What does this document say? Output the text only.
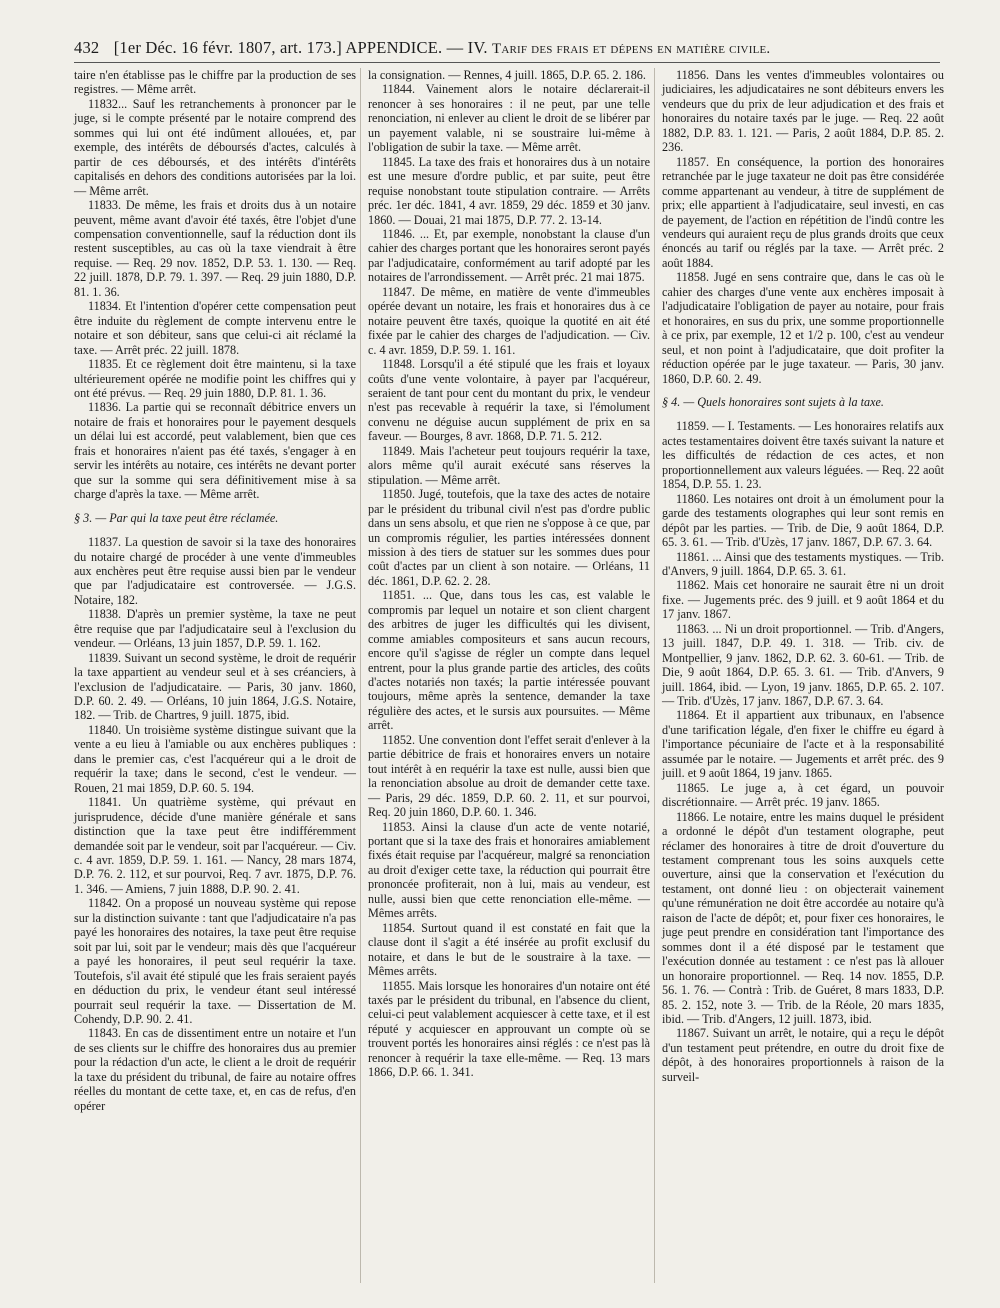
432 [1er Déc. 16 févr. 1807, art. 173.] APPENDICE. — IV. Tarif des frais et dépens en matière civile.

taire n'en établisse pas le chiffre par la production de ses registres. — Même arrêt.

11832... Sauf les retranchements à prononcer par le juge, si le compte présenté par le notaire comprend des sommes qui lui ont été indûment allouées, et, par exemple, des intérêts de déboursés d'actes, calculés à partir de ces déboursés, et des intérêts d'intérêts capitalisés en dehors des conditions autorisées par la loi. — Même arrêt.

11833. De même, les frais et droits dus à un notaire peuvent, même avant d'avoir été taxés, être l'objet d'une compensation conventionnelle, sauf la réduction dont ils restent susceptibles, au cas où la taxe viendrait à être requise. — Req. 29 nov. 1852, D.P. 53. 1. 130. — Req. 22 juill. 1878, D.P. 79. 1. 397. — Req. 29 juin 1880, D.P. 81. 1. 36.

11834. Et l'intention d'opérer cette compensation peut être induite du règlement de compte intervenu entre le notaire et son débiteur, sans que celui-ci ait réclamé la taxe. — Arrêt préc. 22 juill. 1878.

11835. Et ce règlement doit être maintenu, si la taxe ultérieurement opérée ne modifie point les chiffres qui y ont été prévus. — Req. 29 juin 1880, D.P. 81. 1. 36.

11836. La partie qui se reconnaît débitrice envers un notaire de frais et honoraires pour le payement desquels un délai lui est accordé, peut valablement, bien que ces frais et honoraires n'aient pas été taxés, s'engager à en servir les intérêts au notaire, ces intérêts ne devant porter que sur la somme qui sera définitivement mise à sa charge d'après la taxe. — Même arrêt.

§ 3. — Par qui la taxe peut être réclamée.

11837. La question de savoir si la taxe des honoraires du notaire chargé de procéder à une vente d'immeubles aux enchères peut être requise aussi bien par le vendeur que par l'adjudicataire est controversée. — J.G.S. Notaire, 182.

11838. D'après un premier système, la taxe ne peut être requise que par l'adjudicataire seul à l'exclusion du vendeur. — Orléans, 13 juin 1857, D.P. 59. 1. 162.

11839. Suivant un second système, le droit de requérir la taxe appartient au vendeur seul et à ses créanciers, à l'exclusion de l'adjudicataire. — Paris, 30 janv. 1860, D.P. 60. 2. 49. — Orléans, 10 juin 1864, J.G.S. Notaire, 182. — Trib. de Chartres, 9 juill. 1875, ibid.

11840. Un troisième système distingue suivant que la vente a eu lieu à l'amiable ou aux enchères publiques : dans le premier cas, c'est l'acquéreur qui a le droit de requérir la taxe; dans le second, c'est le vendeur. — Rouen, 21 mai 1859, D.P. 60. 5. 194.

11841. Un quatrième système, qui prévaut en jurisprudence, décide d'une manière générale et sans distinction que la taxe peut être indifféremment demandée soit par le vendeur, soit par l'acquéreur. — Civ. c. 4 avr. 1859, D.P. 59. 1. 161. — Nancy, 28 mars 1874, D.P. 76. 2. 112, et sur pourvoi, Req. 7 avr. 1875, D.P. 76. 1. 346. — Amiens, 7 juin 1888, D.P. 90. 2. 41.

11842. On a proposé un nouveau système qui repose sur la distinction suivante : tant que l'adjudicataire n'a pas payé les honoraires des notaires, la taxe peut être requise soit par lui, soit par le vendeur; mais dès que l'acquéreur a payé les honoraires, il peut seul requérir la taxe. Toutefois, s'il avait été stipulé que les frais seraient payés en déduction du prix, le vendeur étant seul intéressé pourrait seul requérir la taxe. — Dissertation de M. Cohendy, D.P. 90. 2. 41.

11843. En cas de dissentiment entre un notaire et l'un de ses clients sur le chiffre des honoraires dus au premier pour la rédaction d'un acte, le client a le droit de requérir la taxe du président du tribunal, de faire au notaire offres réelles du montant de cette taxe, et, en cas de refus, d'en opérer

la consignation. — Rennes, 4 juill. 1865, D.P. 65. 2. 186.

11844. Vainement alors le notaire déclarerait-il renoncer à ses honoraires : il ne peut, par une telle renonciation, ni enlever au client le droit de se libérer par un payement valable, ni se soustraire lui-même à l'obligation de subir la taxe. — Même arrêt.

11845. La taxe des frais et honoraires dus à un notaire est une mesure d'ordre public, et par suite, peut être requise nonobstant toute stipulation contraire. — Arrêts préc. 1er déc. 1841, 4 avr. 1859, 29 déc. 1859 et 30 janv. 1860. — Douai, 21 mai 1875, D.P. 77. 2. 13-14.

11846. ... Et, par exemple, nonobstant la clause d'un cahier des charges portant que les honoraires seront payés par l'adjudicataire, conformément au tarif adopté par les notaires de l'arrondissement. — Arrêt préc. 21 mai 1875.

11847. De même, en matière de vente d'immeubles opérée devant un notaire, les frais et honoraires dus à ce notaire peuvent être taxés, quoique la quotité en ait été fixée par le cahier des charges de l'adjudication. — Civ. c. 4 avr. 1859, D.P. 59. 1. 161.

11848. Lorsqu'il a été stipulé que les frais et loyaux coûts d'une vente volontaire, à payer par l'acquéreur, seraient de tant pour cent du montant du prix, le vendeur n'est pas recevable à requérir la taxe, si l'émolument convenu ne déguise aucun supplément de prix en sa faveur. — Bourges, 8 avr. 1868, D.P. 71. 5. 212.

11849. Mais l'acheteur peut toujours requérir la taxe, alors même qu'il aurait exécuté sans réserves la stipulation. — Même arrêt.

11850. Jugé, toutefois, que la taxe des actes de notaire par le président du tribunal civil n'est pas d'ordre public dans un sens absolu, et que rien ne s'oppose à ce que, par un compromis régulier, les parties intéressées donnent mission à des tiers de statuer sur les sommes dues pour coût d'actes par un client à son notaire. — Orléans, 11 déc. 1861, D.P. 62. 2. 28.

11851. ... Que, dans tous les cas, est valable le compromis par lequel un notaire et son client chargent des arbitres de juger les difficultés qui les divisent, comme amiables compositeurs et sans aucun recours, encore qu'il s'agisse de régler un compte dans lequel entrent, pour la plus grande partie des articles, des coûts d'actes notariés non taxés; la partie intéressée pouvant toujours, même après la sentence, demander la taxe régulière des actes, et le sursis aux poursuites. — Même arrêt.

11852. Une convention dont l'effet serait d'enlever à la partie débitrice de frais et honoraires envers un notaire tout intérêt à en requérir la taxe est nulle, aussi bien que la renonciation absolue au droit de demander cette taxe. — Paris, 29 déc. 1859, D.P. 60. 2. 11, et sur pourvoi, Req. 20 juin 1860, D.P. 60. 1. 346.

11853. Ainsi la clause d'un acte de vente notarié, portant que si la taxe des frais et honoraires amiablement fixés était requise par l'acquéreur, malgré sa renonciation au droit d'exiger cette taxe, la réduction qui pourrait être prononcée profiterait, non à lui, mais au vendeur, est nulle, aussi bien que cette renonciation elle-même. — Mêmes arrêts.

11854. Surtout quand il est constaté en fait que la clause dont il s'agit a été insérée au profit exclusif du notaire, et dans le but de le soustraire à la taxe. — Mêmes arrêts.

11855. Mais lorsque les honoraires d'un notaire ont été taxés par le président du tribunal, en l'absence du client, celui-ci peut valablement acquiescer à cette taxe, et il est réputé y acquiescer en approuvant un compte où se trouvent portés les honoraires ainsi réglés : ce n'est pas là renoncer à requérir la taxe elle-même. — Req. 13 mars 1866, D.P. 66. 1. 341.

11856. Dans les ventes d'immeubles volontaires ou judiciaires, les adjudicataires ne sont débiteurs envers les vendeurs que du prix de leur adjudication et des frais et honoraires du notaire taxés par le juge. — Req. 22 août 1882, D.P. 83. 1. 121. — Paris, 2 août 1884, D.P. 85. 2. 236.

11857. En conséquence, la portion des honoraires retranchée par le juge taxateur ne doit pas être considérée comme appartenant au vendeur, à titre de supplément de prix; elle appartient à l'adjudicataire, seul investi, en cas de payement, de l'action en répétition de l'indû contre les vendeurs qui auraient reçu de plus grands droits que ceux énoncés au tarif ou réglés par la taxe. — Arrêt préc. 2 août 1884.

11858. Jugé en sens contraire que, dans le cas où le cahier des charges d'une vente aux enchères imposait à l'adjudicataire l'obligation de payer au notaire, pour frais et honoraires, en sus du prix, une somme proportionnelle à ce prix, par exemple, 12 et 1/2 p. 100, c'est au vendeur seul, et non point à l'adjudicataire, que doit profiter la réduction opérée par le juge taxateur. — Paris, 30 janv. 1860, D.P. 60. 2. 49.

§ 4. — Quels honoraires sont sujets à la taxe.

11859. — I. Testaments. — Les honoraires relatifs aux actes testamentaires doivent être taxés suivant la nature et les difficultés de rédaction de ces actes, et non proportionnellement aux valeurs léguées. — Req. 22 août 1854, D.P. 55. 1. 23.

11860. Les notaires ont droit à un émolument pour la garde des testaments olographes qui leur sont remis en dépôt par les parties. — Trib. de Die, 9 août 1864, D.P. 65. 3. 61. — Trib. d'Uzès, 17 janv. 1867, D.P. 67. 3. 64.

11861. ... Ainsi que des testaments mystiques. — Trib. d'Anvers, 9 juill. 1864, D.P. 65. 3. 61.

11862. Mais cet honoraire ne saurait être ni un droit fixe. — Jugements préc. des 9 juill. et 9 août 1864 et du 17 janv. 1867.

11863. ... Ni un droit proportionnel. — Trib. d'Angers, 13 juill. 1847, D.P. 49. 1. 318. — Trib. civ. de Montpellier, 9 janv. 1862, D.P. 62. 3. 60-61. — Trib. de Die, 9 août 1864, D.P. 65. 3. 61. — Trib. d'Anvers, 9 juill. 1864, ibid. — Lyon, 19 janv. 1865, D.P. 65. 2. 107. — Trib. d'Uzès, 17 janv. 1867, D.P. 67. 3. 64.

11864. Et il appartient aux tribunaux, en l'absence d'une tarification légale, d'en fixer le chiffre eu égard à l'importance pécuniaire de l'acte et à la responsabilité assumée par le notaire. — Jugements et arrêt préc. des 9 juill. et 9 août 1864, 19 janv. 1865.

11865. Le juge a, à cet égard, un pouvoir discrétionnaire. — Arrêt préc. 19 janv. 1865.

11866. Le notaire, entre les mains duquel le président a ordonné le dépôt d'un testament olographe, peut réclamer des honoraires à titre de droit d'ouverture du testament comprenant tous les soins auxquels cette ouverture, ainsi que la conservation et l'exécution du testament, ont donné lieu : on objecterait vainement qu'une rémunération ne doit être accordée au notaire qu'à raison de l'acte de dépôt; et, pour fixer ces honoraires, le juge peut prendre en considération tant l'importance des sommes dont il a été disposé par le testament que l'exécution donnée au testament : ce n'est pas là allouer un honoraire proportionnel. — Req. 14 nov. 1855, D.P. 56. 1. 76. — Contrà : Trib. de Guéret, 8 mars 1833, D.P. 85. 2. 152, note 3. — Trib. de la Réole, 20 mars 1835, ibid. — Trib. d'Angers, 12 juill. 1873, ibid.

11867. Suivant un arrêt, le notaire, qui a reçu le dépôt d'un testament peut prétendre, en outre du droit fixe de dépôt, à des honoraires proportionnels à raison de la surveil-
